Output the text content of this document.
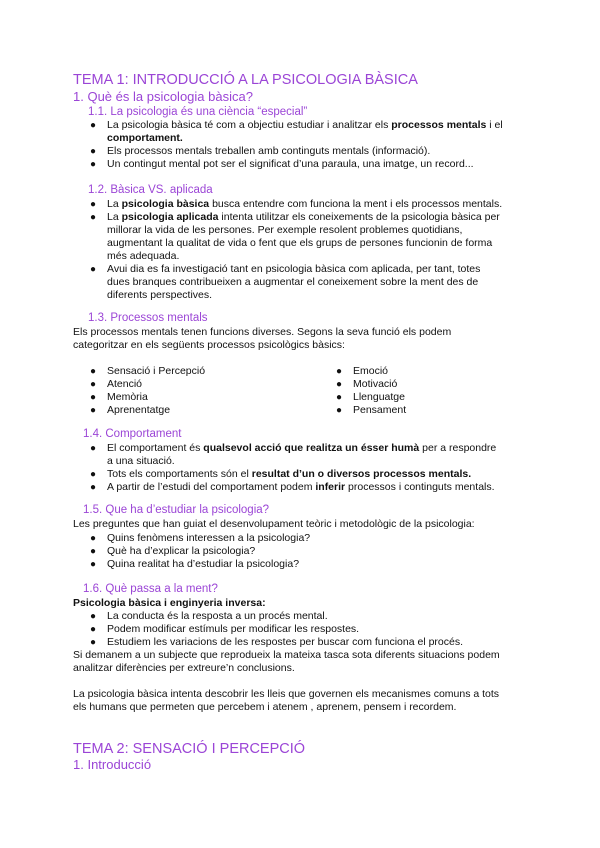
TEMA 1: INTRODUCCIÓ A LA PSICOLOGIA BÀSICA
1. Què és la psicologia bàsica?
1.1. La psicologia és una ciència “especial”
● La psicologia bàsica té com a objectiu estudiar i analitzar els processos mentals i el
comportament.
● Els processos mentals treballen amb continguts mentals (informació).
● Un contingut mental pot ser el significat d’una paraula, una imatge, un record...
1.2. Bàsica VS. aplicada
● La psicologia bàsica busca entendre com funciona la ment i els processos mentals.
● La psicologia aplicada intenta utilitzar els coneixements de la psicologia bàsica per
millorar la vida de les persones. Per exemple resolent problemes quotidians,
augmentant la qualitat de vida o fent que els grups de persones funcionin de forma
més adequada.
● Avui dia es fa investigació tant en psicologia bàsica com aplicada, per tant, totes
dues branques contribueixen a augmentar el coneixement sobre la ment des de
diferents perspectives.
1.3. Processos mentals
Els processos mentals tenen funcions diverses. Segons la seva funció els podem
categoritzar en els següents processos psicològics bàsics:
● Sensació i Percepció
● Atenció
● Memòria
● Aprenentatge
● Emoció
● Motivació
● Llenguatge
● Pensament
1.4. Comportament
● El comportament és qualsevol acció que realitza un ésser humà per a respondre
a una situació.
● Tots els comportaments són el resultat d’un o diversos processos mentals.
● A partir de l’estudi del comportament podem inferir processos i continguts mentals.
1.5. Que ha d’estudiar la psicologia?
Les preguntes que han guiat el desenvolupament teòric i metodològic de la psicologia:
● Quins fenòmens interessen a la psicologia?
● Què ha d’explicar la psicologia?
● Quina realitat ha d’estudiar la psicologia?
1.6. Què passa a la ment?
Psicologia bàsica i enginyeria inversa:
● La conducta és la resposta a un procés mental.
● Podem modificar estímuls per modificar les respostes.
● Estudiem les variacions de les respostes per buscar com funciona el procés.
Si demanem a un subjecte que reprodueix la mateixa tasca sota diferents situacions podem
analitzar diferències per extreure’n conclusions.
La psicologia bàsica intenta descobrir les lleis que governen els mecanismes comuns a tots
els humans que permeten que percebem i atenem , aprenem, pensem i recordem.
TEMA 2: SENSACIÓ I PERCEPCIÓ
1. Introducció
